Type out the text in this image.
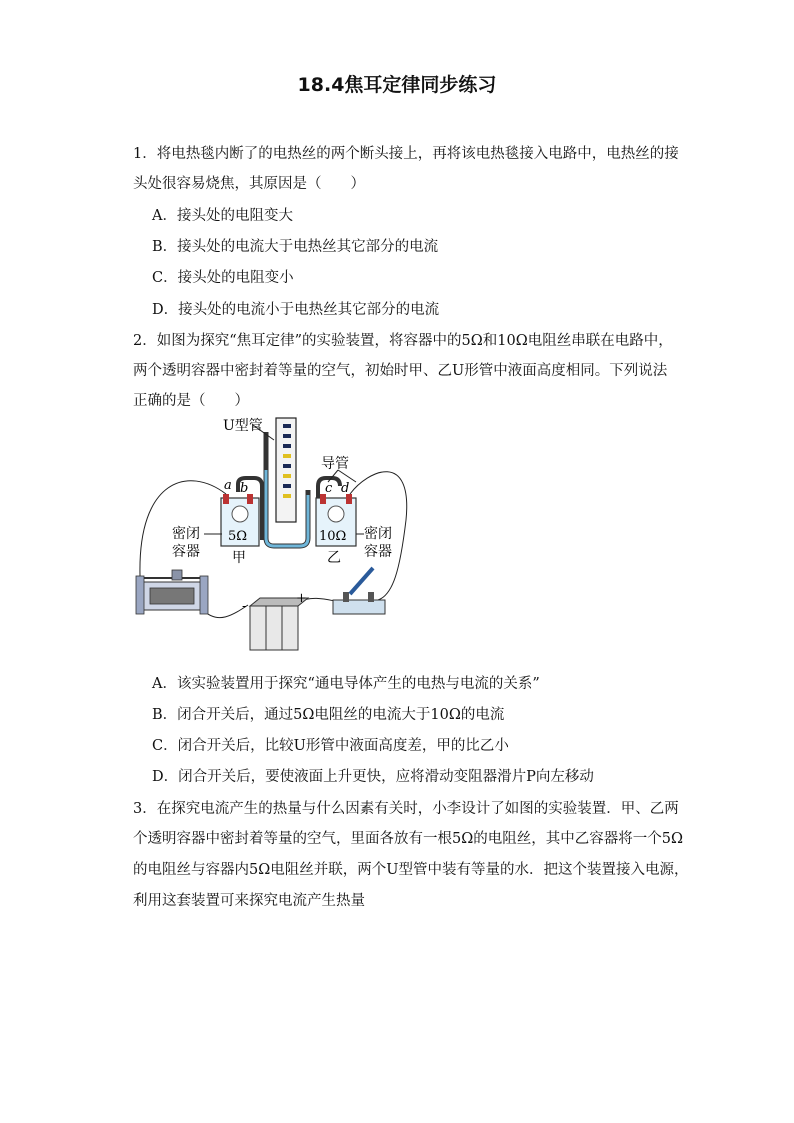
18.4焦耳定律同步练习
1．将电热毯内断了的电热丝的两个断头接上，再将该电热毯接入电路中，电热丝的接
头处很容易烧焦，其原因是（　　）
A．接头处的电阻变大
B．接头处的电流大于电热丝其它部分的电流
C．接头处的电阻变小
D．接头处的电流小于电热丝其它部分的电流
2．如图为探究“焦耳定律”的实验装置，将容器中的5Ω和10Ω电阻丝串联在电路中，
两个透明容器中密封着等量的空气，初始时甲、乙U形管中液面高度相同。下列说法
正确的是（　　）
U型管
导管
5Ω
a b
甲
10Ω
c d
乙
密闭
容器
密闭
容器
-
+
A．该实验装置用于探究“通电导体产生的电热与电流的关系”
B．闭合开关后，通过5Ω电阻丝的电流大于10Ω的电流
C．闭合开关后，比较U形管中液面高度差，甲的比乙小
D．闭合开关后，要使液面上升更快，应将滑动变阻器滑片P向左移动
3．在探究电流产生的热量与什么因素有关时，小李设计了如图的实验装置．甲、乙两
个透明容器中密封着等量的空气，里面各放有一根5Ω的电阻丝，其中乙容器将一个5Ω
的电阻丝与容器内5Ω电阻丝并联，两个U型管中装有等量的水．把这个装置接入电源，
利用这套装置可来探究电流产生热量
